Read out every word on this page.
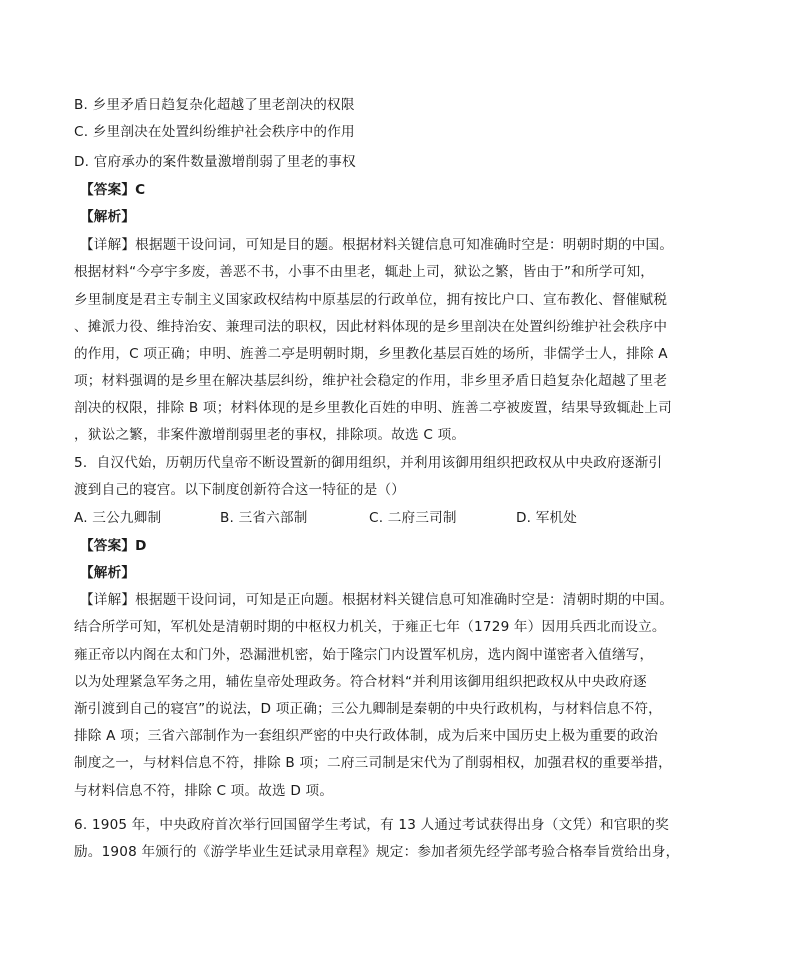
B. 乡里矛盾日趋复杂化超越了里老剖决的权限
C. 乡里剖决在处置纠纷维护社会秩序中的作用
D. 官府承办的案件数量激增削弱了里老的事权
【答案】C
【解析】
【详解】根据题干设问词，可知是目的题。根据材料关键信息可知准确时空是：明朝时期的中国。
根据材料“今亭宇多废，善恶不书，小事不由里老，辄赴上司，狱讼之繁，皆由于”和所学可知，
乡里制度是君主专制主义国家政权结构中原基层的行政单位，拥有按比户口、宣布教化、督催赋税
、摊派力役、维持治安、兼理司法的职权，因此材料体现的是乡里剖决在处置纠纷维护社会秩序中
的作用，C 项正确；申明、旌善二亭是明朝时期，乡里教化基层百姓的场所，非儒学士人，排除 A
项；材料强调的是乡里在解决基层纠纷，维护社会稳定的作用，非乡里矛盾日趋复杂化超越了里老
剖决的权限，排除 B 项；材料体现的是乡里教化百姓的申明、旌善二亭被废置，结果导致辄赴上司
，狱讼之繁，非案件激增削弱里老的事权，排除项。故选 C 项。
5．自汉代始，历朝历代皇帝不断设置新的御用组织，并利用该御用组织把政权从中央政府逐渐引
渡到自己的寝宫。以下制度创新符合这一特征的是（）
A. 三公九卿制	B. 三省六部制	C. 二府三司制	D. 军机处
【答案】D
【解析】
【详解】根据题干设问词，可知是正向题。根据材料关键信息可知准确时空是：清朝时期的中国。
结合所学可知，军机处是清朝时期的中枢权力机关，于雍正七年（1729 年）因用兵西北而设立。
雍正帝以内阁在太和门外，恐漏泄机密，始于隆宗门内设置军机房，选内阁中谨密者入值缮写，
以为处理紧急军务之用，辅佐皇帝处理政务。符合材料“并利用该御用组织把政权从中央政府逐
渐引渡到自己的寝宫”的说法，D 项正确；三公九卿制是秦朝的中央行政机构，与材料信息不符，
排除 A 项；三省六部制作为一套组织严密的中央行政体制，成为后来中国历史上极为重要的政治
制度之一，与材料信息不符，排除 B 项；二府三司制是宋代为了削弱相权，加强君权的重要举措，
与材料信息不符，排除 C 项。故选 D 项。
6. 1905 年，中央政府首次举行回国留学生考试，有 13 人通过考试获得出身（文凭）和官职的奖
励。1908 年颁行的《游学毕业生廷试录用章程》规定：参加者须先经学部考验合格奉旨赏给出身，
